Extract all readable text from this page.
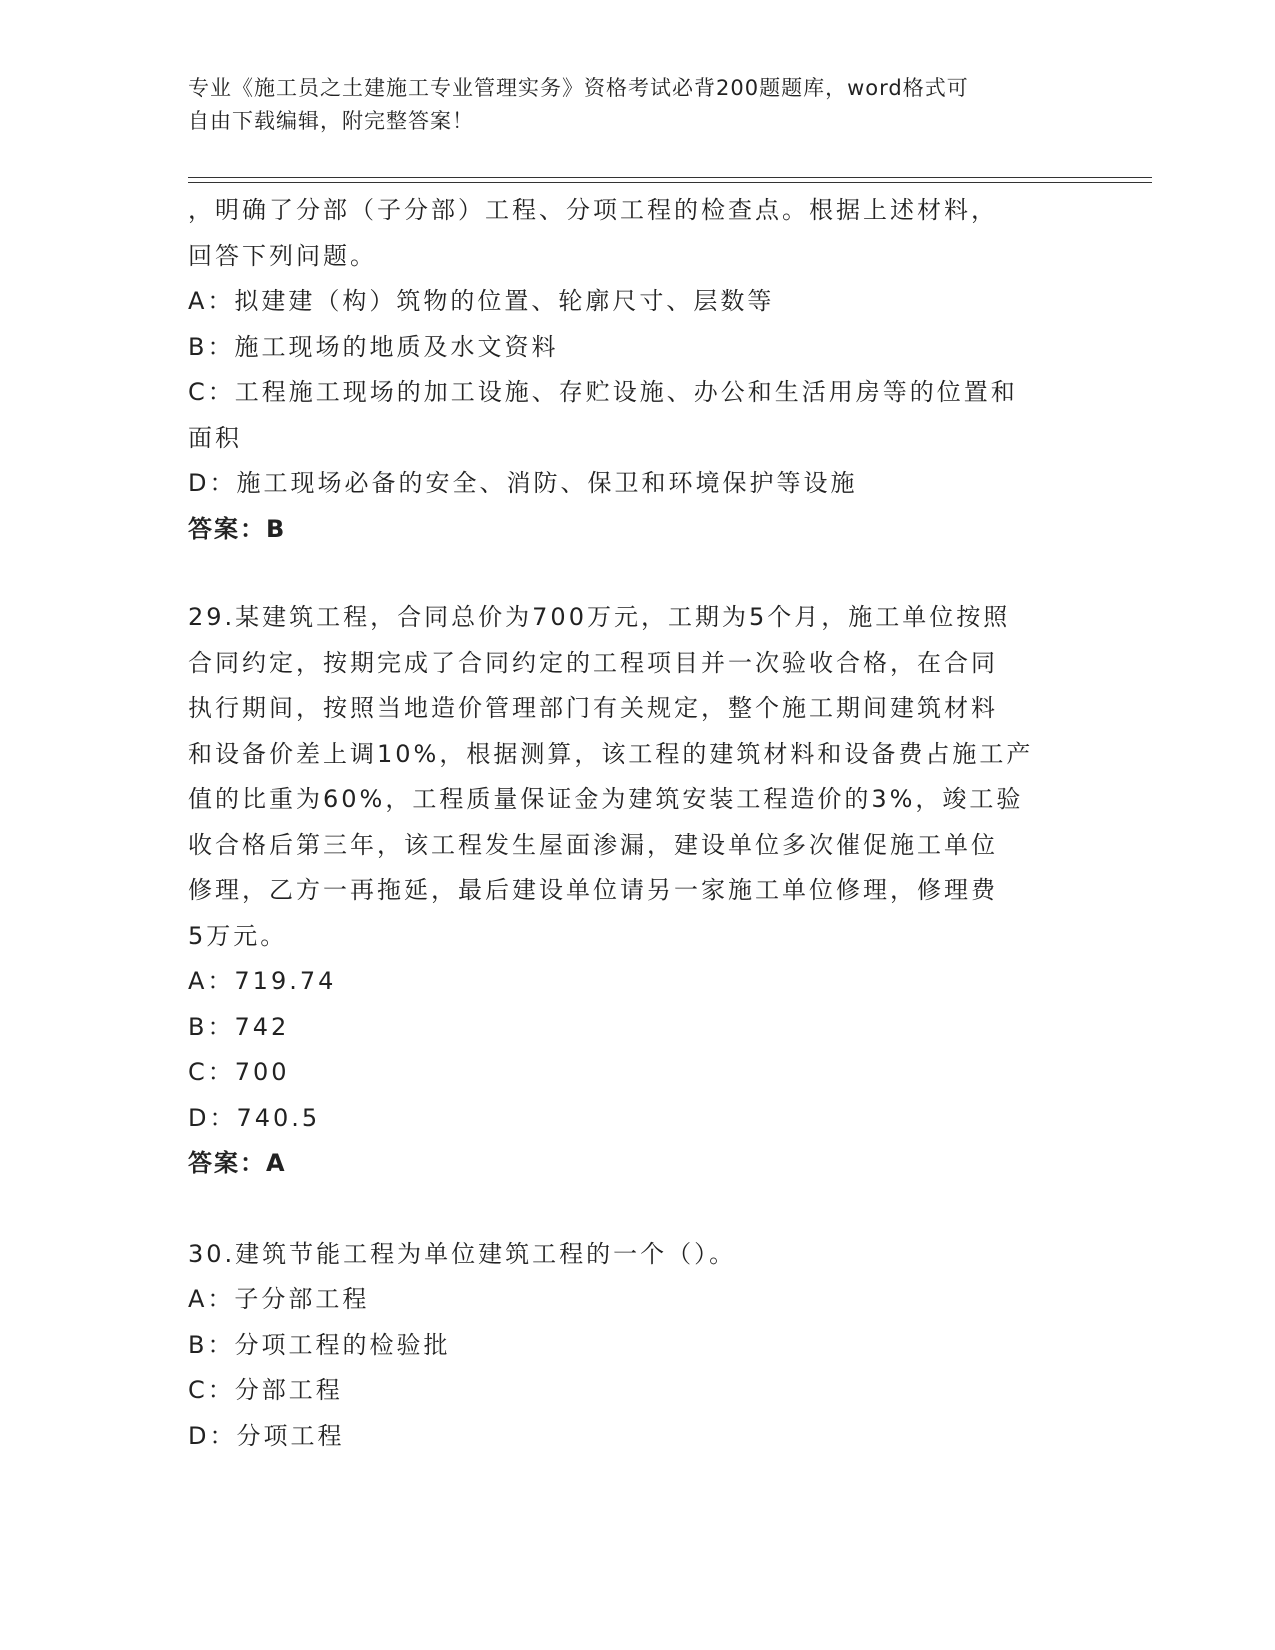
专业《施工员之土建施工专业管理实务》资格考试必背200题题库，word格式可
自由下载编辑，附完整答案！
，明确了分部（子分部）工程、分项工程的检查点。根据上述材料，
回答下列问题。
A：拟建建（构）筑物的位置、轮廓尺寸、层数等
B：施工现场的地质及水文资料
C：工程施工现场的加工设施、存贮设施、办公和生活用房等的位置和
面积
D：施工现场必备的安全、消防、保卫和环境保护等设施
答案：B
29.某建筑工程，合同总价为700万元，工期为5个月，施工单位按照
合同约定，按期完成了合同约定的工程项目并一次验收合格，在合同
执行期间，按照当地造价管理部门有关规定，整个施工期间建筑材料
和设备价差上调10%，根据测算，该工程的建筑材料和设备费占施工产
值的比重为60%，工程质量保证金为建筑安装工程造价的3%，竣工验
收合格后第三年，该工程发生屋面渗漏，建设单位多次催促施工单位
修理，乙方一再拖延，最后建设单位请另一家施工单位修理，修理费
5万元。
A：719.74
B：742
C：700
D：740.5
答案：A
30.建筑节能工程为单位建筑工程的一个（）。
A：子分部工程
B：分项工程的检验批
C：分部工程
D：分项工程
